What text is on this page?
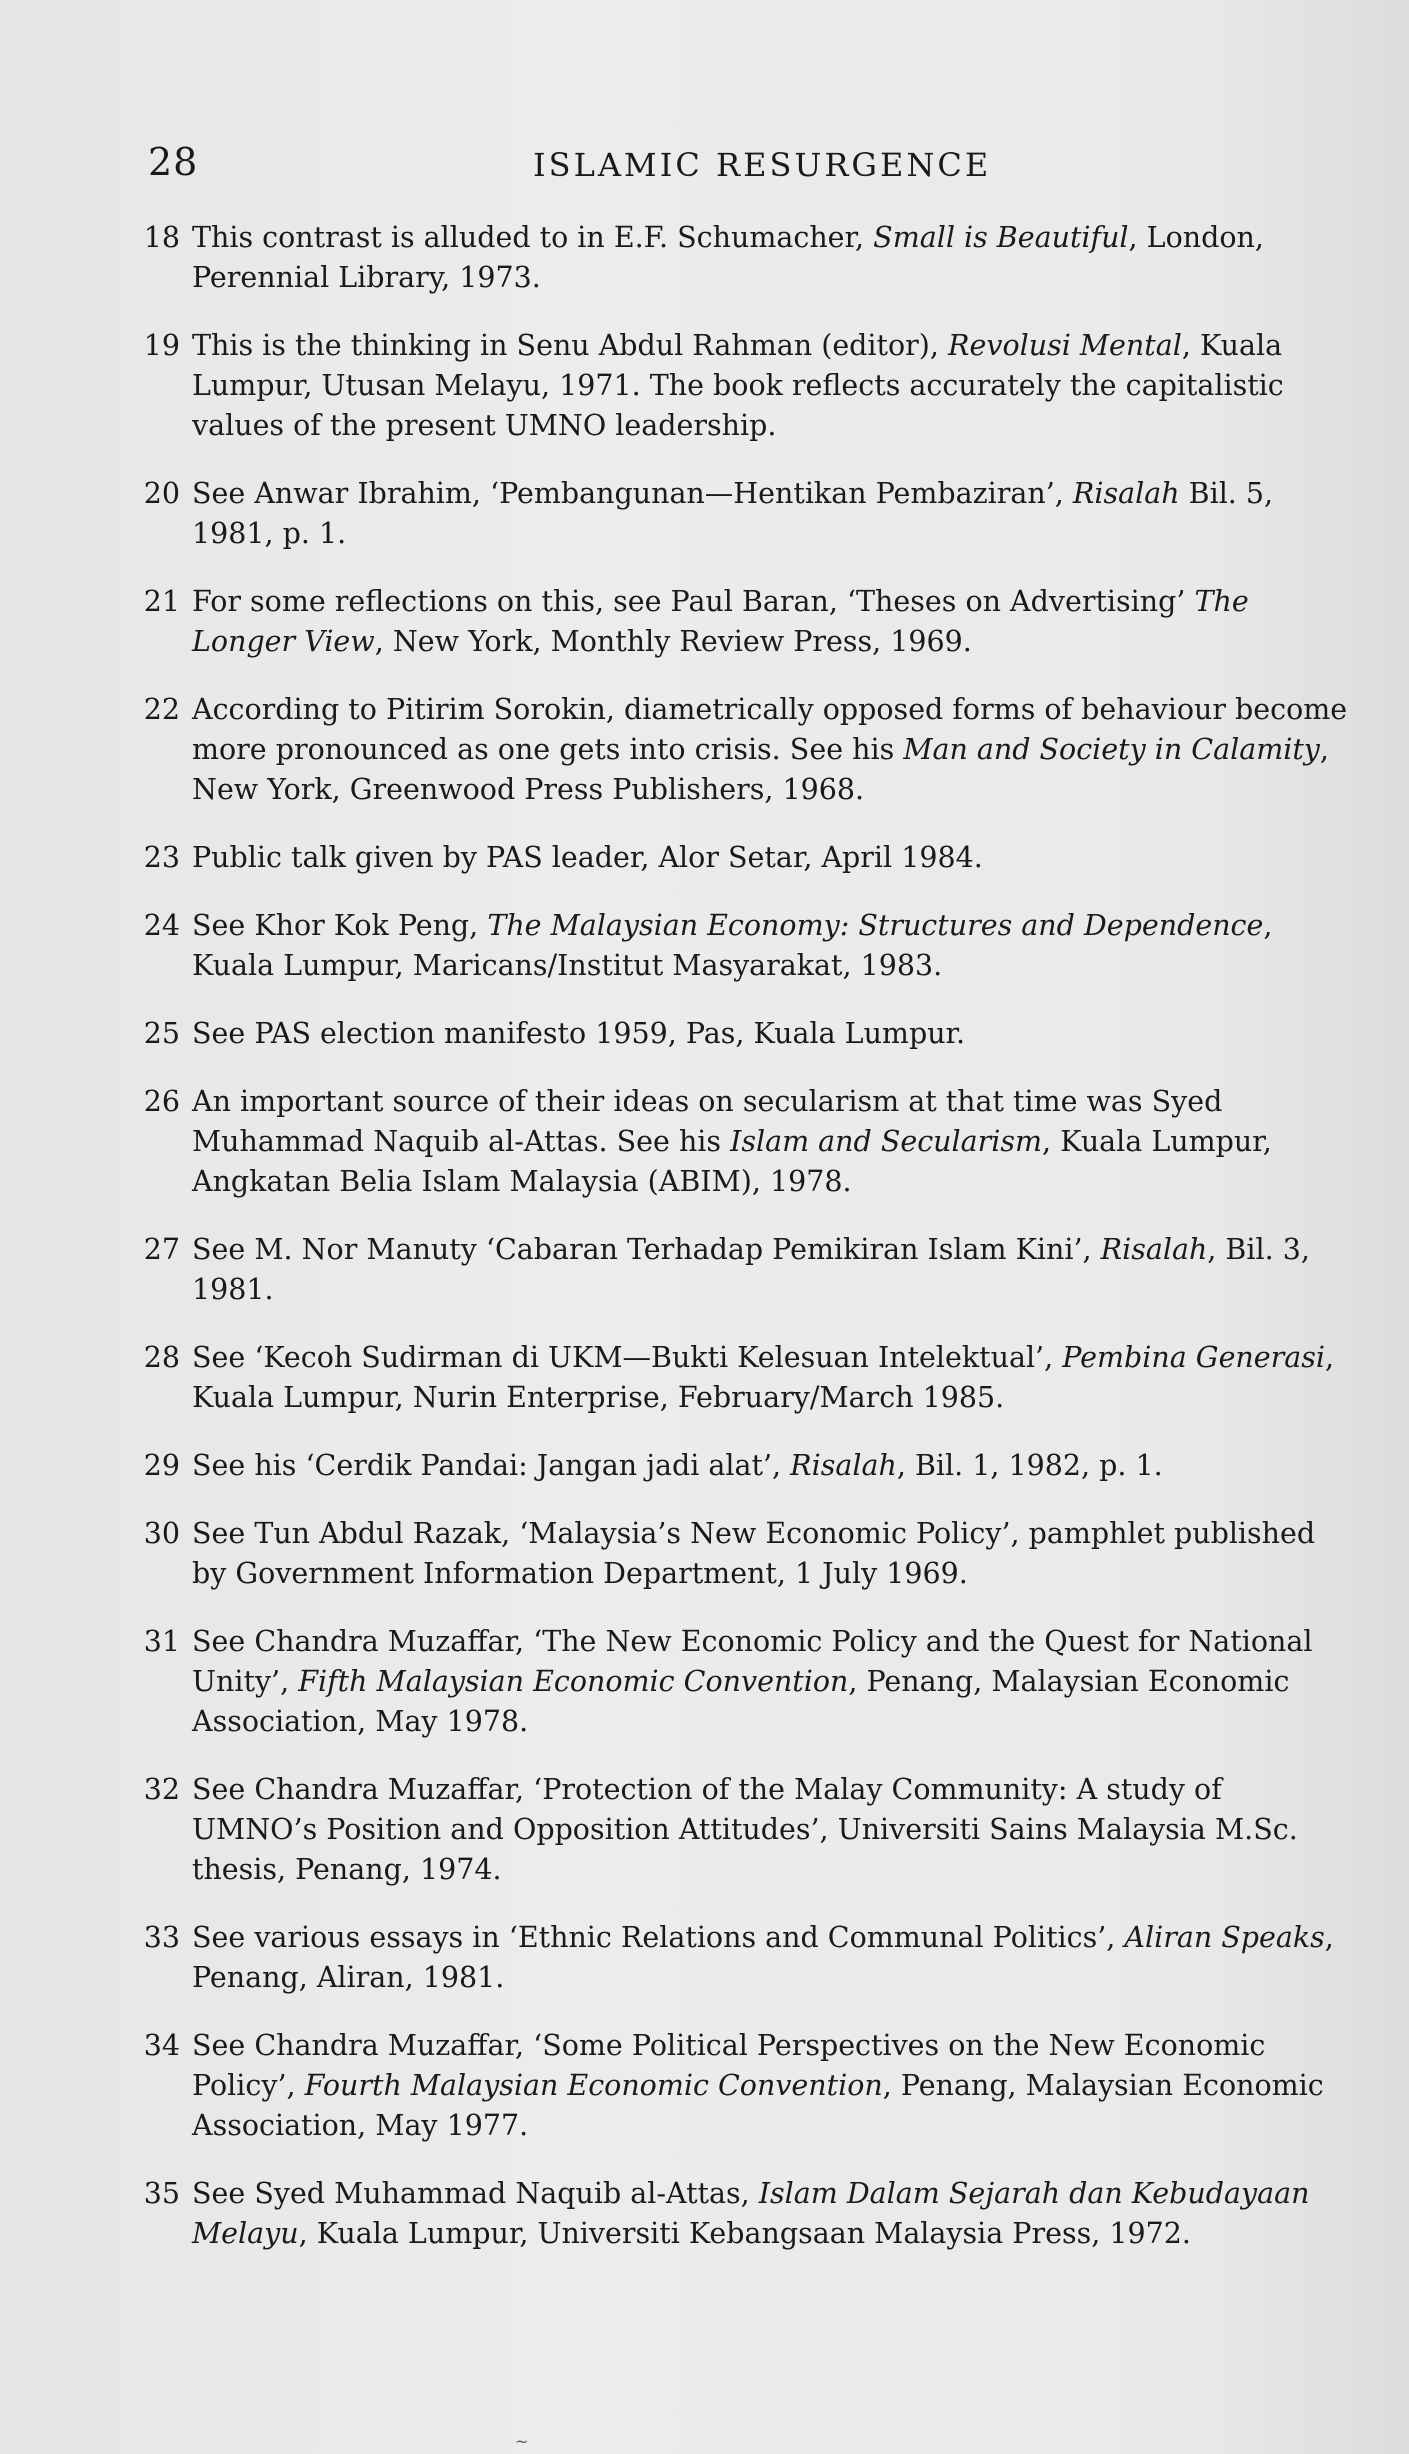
28	ISLAMIC RESURGENCE
18 This contrast is alluded to in E.F. Schumacher, Small is Beautiful, London, Perennial Library, 1973.
19 This is the thinking in Senu Abdul Rahman (editor), Revolusi Mental, Kuala Lumpur, Utusan Melayu, 1971. The book reflects accurately the capitalistic values of the present UMNO leadership.
20 See Anwar Ibrahim, ‘Pembangunan—Hentikan Pembaziran’, Risalah Bil. 5, 1981, p. 1.
21 For some reflections on this, see Paul Baran, ‘Theses on Advertising’ The Longer View, New York, Monthly Review Press, 1969.
22 According to Pitirim Sorokin, diametrically opposed forms of behaviour become more pronounced as one gets into crisis. See his Man and Society in Calamity, New York, Greenwood Press Publishers, 1968.
23 Public talk given by PAS leader, Alor Setar, April 1984.
24 See Khor Kok Peng, The Malaysian Economy: Structures and Dependence, Kuala Lumpur, Maricans/Institut Masyarakat, 1983.
25 See PAS election manifesto 1959, Pas, Kuala Lumpur.
26 An important source of their ideas on secularism at that time was Syed Muhammad Naquib al-Attas. See his Islam and Secularism, Kuala Lumpur, Angkatan Belia Islam Malaysia (ABIM), 1978.
27 See M. Nor Manuty ‘Cabaran Terhadap Pemikiran Islam Kini’, Risalah, Bil. 3, 1981.
28 See ‘Kecoh Sudirman di UKM—Bukti Kelesuan Intelektual’, Pembina Generasi, Kuala Lumpur, Nurin Enterprise, February/March 1985.
29 See his ‘Cerdik Pandai: Jangan jadi alat’, Risalah, Bil. 1, 1982, p. 1.
30 See Tun Abdul Razak, ‘Malaysia’s New Economic Policy’, pamphlet published by Government Information Department, 1 July 1969.
31 See Chandra Muzaffar, ‘The New Economic Policy and the Quest for National Unity’, Fifth Malaysian Economic Convention, Penang, Malaysian Economic Association, May 1978.
32 See Chandra Muzaffar, ‘Protection of the Malay Community: A study of UMNO’s Position and Opposition Attitudes’, Universiti Sains Malaysia M.Sc. thesis, Penang, 1974.
33 See various essays in ‘Ethnic Relations and Communal Politics’, Aliran Speaks, Penang, Aliran, 1981.
34 See Chandra Muzaffar, ‘Some Political Perspectives on the New Economic Policy’, Fourth Malaysian Economic Convention, Penang, Malaysian Economic Association, May 1977.
35 See Syed Muhammad Naquib al-Attas, Islam Dalam Sejarah dan Kebudayaan Melayu, Kuala Lumpur, Universiti Kebangsaan Malaysia Press, 1972.
~
